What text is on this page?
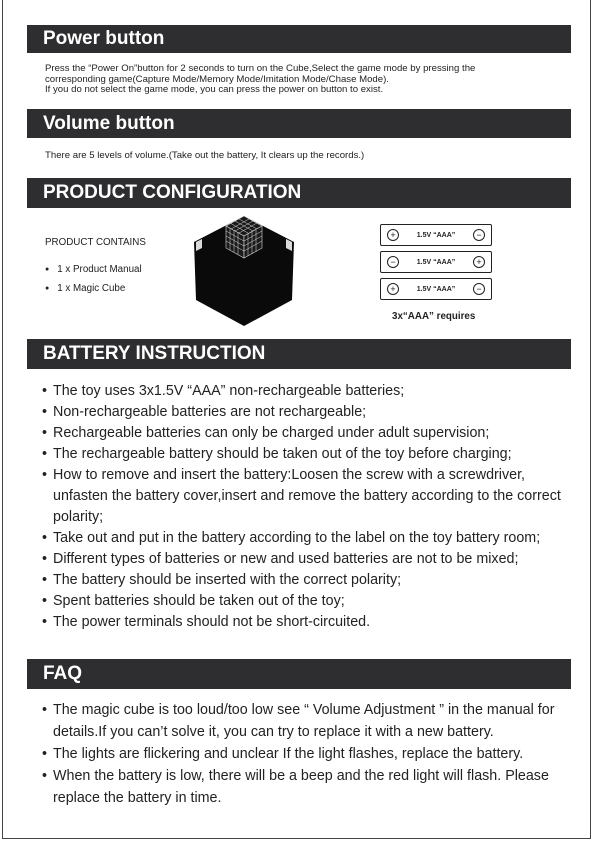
Power button

Press the “Power On”button for 2 seconds to turn on the Cube,Select the game mode by pressing the

corresponding game(Capture Mode/Memory Mode/Imitation Mode/Chase Mode).

If you do not select the game mode, you can press the power on button to exist.

Volume button

There are 5 levels of volume.(Take out the battery, It clears up the records.)

PRODUCT CONFIGURATION
PRODUCT CONTAINS
● 1 x Product Manual
● 1 x Magic Cube
+	1.5V “AAA”	−
−	1.5V “AAA”	+
+	1.5V “AAA”	−
3x“AAA” requires
BATTERY INSTRUCTION
• The toy uses 3x1.5V “AAA” non-rechargeable batteries;
• Non-rechargeable batteries are not rechargeable;
• Rechargeable batteries can only be charged under adult supervision;
• The rechargeable battery should be taken out of the toy before charging;
• How to remove and insert the battery:Loosen the screw with a screwdriver, unfasten the battery cover,insert and remove the battery according to the correct polarity;
• Take out and put in the battery according to the label on the toy battery room;
• Different types of batteries or new and used batteries are not to be mixed;
• The battery should be inserted with the correct polarity;
• Spent batteries should be taken out of the toy;
• The power terminals should not be short-circuited.
FAQ
• The magic cube is too loud/too low see “ Volume Adjustment ” in the manual for details.If you can’t solve it, you can try to replace it with a new battery.
• The lights are flickering and unclear If the light flashes, replace the battery.
• When the battery is low, there will be a beep and the red light will flash. Please replace the battery in time.
